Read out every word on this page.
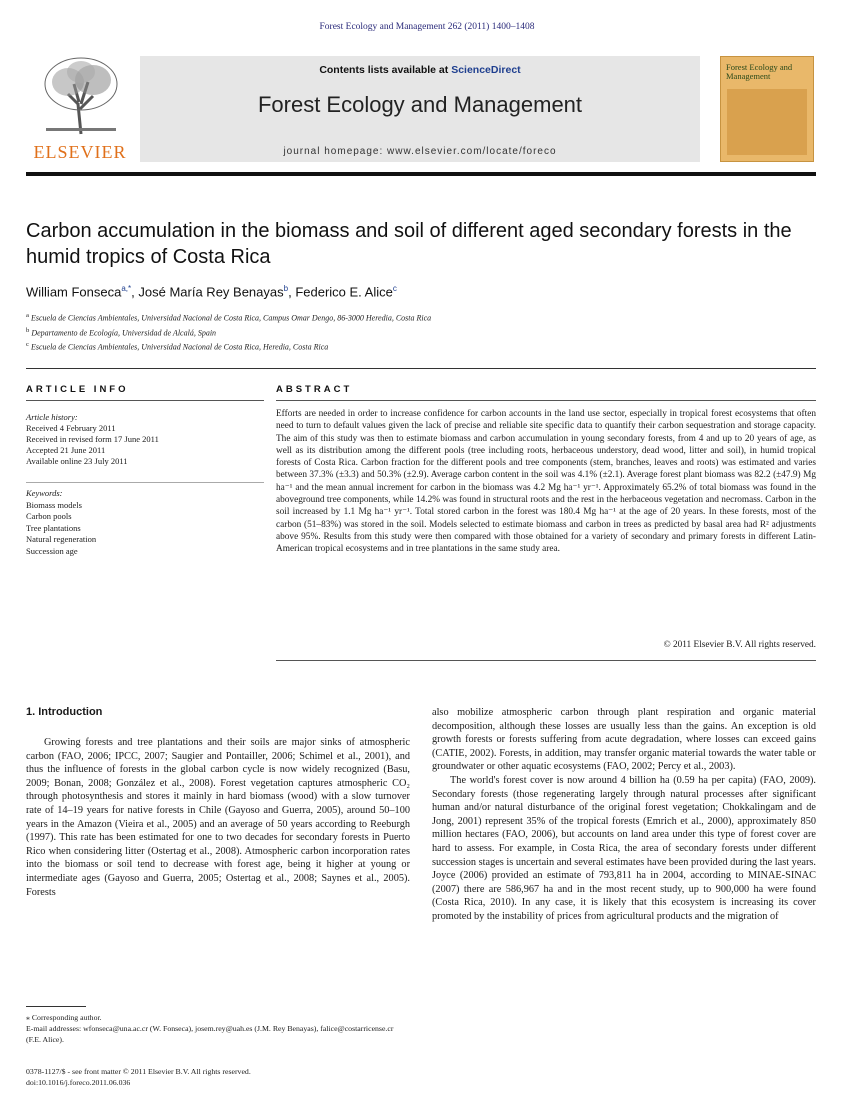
Forest Ecology and Management 262 (2011) 1400–1408
ELSEVIER
Contents lists available at ScienceDirect
Forest Ecology and Management
journal homepage: www.elsevier.com/locate/foreco
Forest Ecology and Management
Carbon accumulation in the biomass and soil of different aged secondary forests in the humid tropics of Costa Rica
William Fonseca$^{a,*}$, José María Rey Benayas$^b$, Federico E. Alice$^c$
$^a$ Escuela de Ciencias Ambientales, Universidad Nacional de Costa Rica, Campus Omar Dengo, 86-3000 Heredia, Costa Rica
$^b$ Departamento de Ecología, Universidad de Alcalá, Spain
$^c$ Escuela de Ciencias Ambientales, Universidad Nacional de Costa Rica, Heredia, Costa Rica
ARTICLE INFO	ABSTRACT
Article history:
Received 4 February 2011
Received in revised form 17 June 2011
Accepted 21 June 2011
Available online 23 July 2011
Keywords:
Biomass models
Carbon pools
Tree plantations
Natural regeneration
Succession age
Efforts are needed in order to increase confidence for carbon accounts in the land use sector, especially in tropical forest ecosystems that often need to turn to default values given the lack of precise and reliable site specific data to quantify their carbon sequestration and storage capacity. The aim of this study was then to estimate biomass and carbon accumulation in young secondary forests, from 4 and up to 20 years of age, as well as its distribution among the different pools (tree including roots, herbaceous understory, dead wood, litter and soil), in humid tropical forests of Costa Rica. Carbon fraction for the different pools and tree components (stem, branches, leaves and roots) was estimated and varies between 37.3% (±3.3) and 50.3% (±2.9). Average carbon content in the soil was 4.1% (±2.1). Average forest plant biomass was 82.2 (±47.9) Mg ha⁻¹ and the mean annual increment for carbon in the biomass was 4.2 Mg ha⁻¹ yr⁻¹. Approximately 65.2% of total biomass was found in the aboveground tree components, while 14.2% was found in structural roots and the rest in the herbaceous vegetation and necromass. Carbon in the soil increased by 1.1 Mg ha⁻¹ yr⁻¹. Total stored carbon in the forest was 180.4 Mg ha⁻¹ at the age of 20 years. In these forests, most of the carbon (51–83%) was stored in the soil. Models selected to estimate biomass and carbon in trees as predicted by basal area had R² adjustments above 95%. Results from this study were then compared with those obtained for a variety of secondary and primary forests in different Latin-American tropical ecosystems and in tree plantations in the same study area.
© 2011 Elsevier B.V. All rights reserved.
1. Introduction

Growing forests and tree plantations and their soils are major sinks of atmospheric carbon (FAO, 2006; IPCC, 2007; Saugier and Pontailler, 2006; Schimel et al., 2001), and thus the influence of forests in the global carbon cycle is now widely recognized (Basu, 2009; Bonan, 2008; González et al., 2008). Forest vegetation captures atmospheric CO₂ through photosynthesis and stores it mainly in hard biomass (wood) with a slow turnover rate of 14–19 years for native forests in Chile (Gayoso and Guerra, 2005), around 50–100 years in the Amazon (Vieira et al., 2005) and an average of 50 years according to Reeburgh (1997). This rate has been estimated for one to two decades for secondary forests in Puerto Rico when considering litter (Ostertag et al., 2008). Atmospheric carbon incorporation rates into the biomass or soil tend to decrease with forest age, being it higher at young or intermediate ages (Gayoso and Guerra, 2005; Ostertag et al., 2008; Saynes et al., 2005). Forests

also mobilize atmospheric carbon through plant respiration and organic material decomposition, although these losses are usually less than the gains. An exception is old growth forests or forests suffering from acute degradation, where losses can exceed gains (CATIE, 2002). Forests, in addition, may transfer organic material towards the water table or groundwater or other aquatic ecosystems (FAO, 2002; Percy et al., 2003).

The world's forest cover is now around 4 billion ha (0.59 ha per capita) (FAO, 2009). Secondary forests (those regenerating largely through natural processes after significant human and/or natural disturbance of the original forest vegetation; Chokkalingam and de Jong, 2001) represent 35% of the tropical forests (Emrich et al., 2000), approximately 850 million hectares (FAO, 2006), but accounts on land area under this type of forest cover are hard to assess. For example, in Costa Rica, the area of secondary forests under different succession stages is uncertain and several estimates have been provided during the last years. Joyce (2006) provided an estimate of 793,811 ha in 2004, according to MINAE-SINAC (2007) there are 586,967 ha and in the most recent study, up to 900,000 ha were found (Costa Rica, 2010). In any case, it is likely that this ecosystem is increasing its cover promoted by the instability of prices from agricultural products and the migration of

⁎ Corresponding author.
E-mail addresses: wfonseca@una.ac.cr (W. Fonseca), josem.rey@uah.es (J.M. Rey Benayas), falice@costarricense.cr (F.E. Alice).
0378-1127/$ - see front matter © 2011 Elsevier B.V. All rights reserved.
doi:10.1016/j.foreco.2011.06.036
